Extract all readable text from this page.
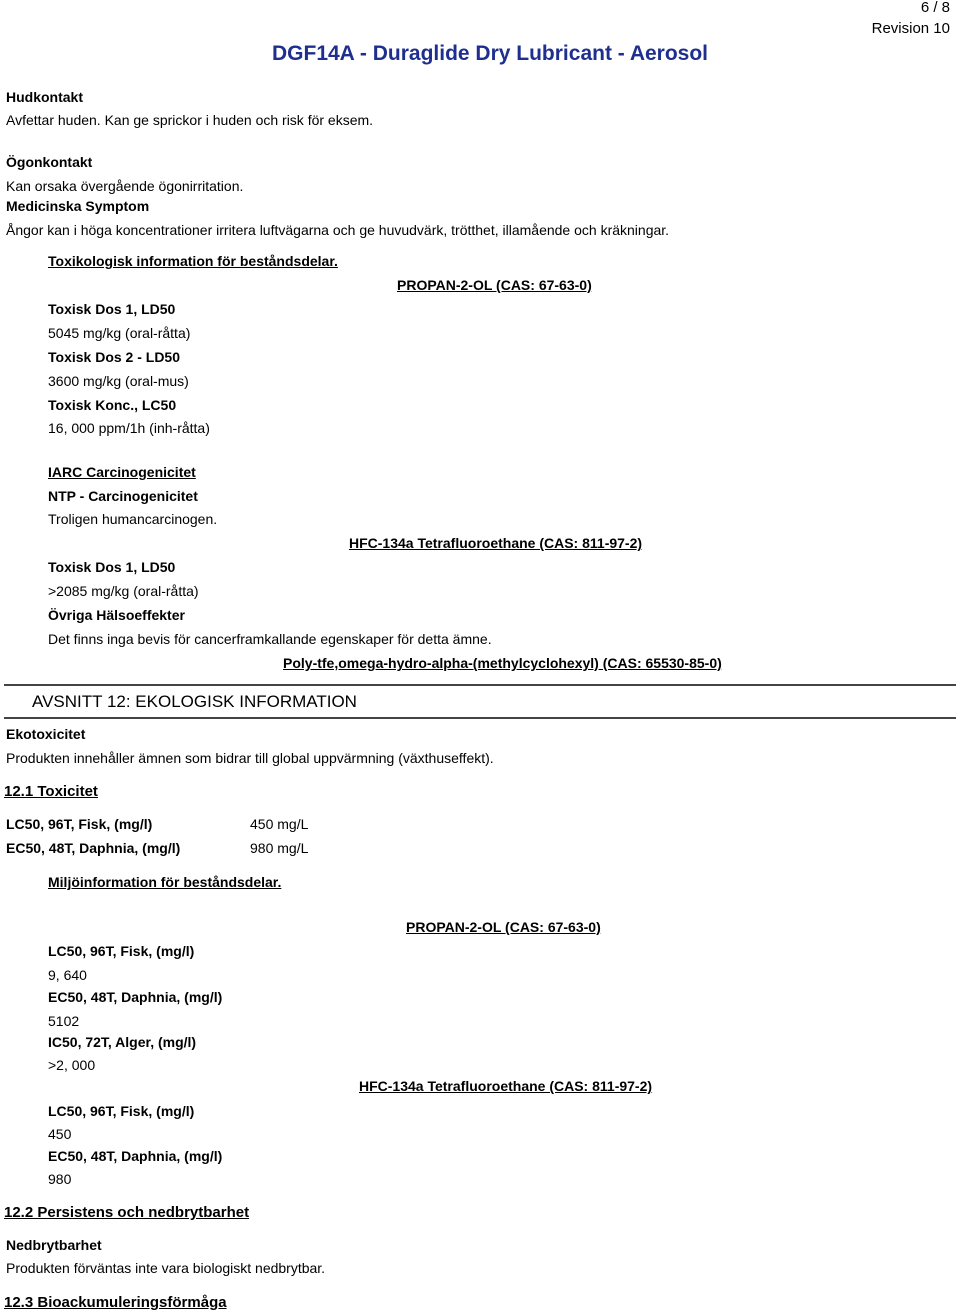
6 / 8
Revision 10
DGF14A - Duraglide Dry Lubricant - Aerosol
Hudkontakt
Avfettar huden. Kan ge sprickor i huden och risk för eksem.
Ögonkontakt
Kan orsaka övergående ögonirritation.
Medicinska Symptom
Ångor kan i höga koncentrationer irritera luftvägarna och ge huvudvärk, trötthet, illamående och kräkningar.
Toxikologisk information för beståndsdelar.
PROPAN-2-OL (CAS: 67-63-0)
Toxisk Dos 1, LD50
5045 mg/kg (oral-råtta)
Toxisk Dos 2 - LD50
3600 mg/kg (oral-mus)
Toxisk Konc., LC50
16, 000 ppm/1h (inh-råtta)
IARC Carcinogenicitet
NTP - Carcinogenicitet
Troligen humancarcinogen.
HFC-134a Tetrafluoroethane (CAS: 811-97-2)
Toxisk Dos 1, LD50
>2085 mg/kg (oral-råtta)
Övriga Hälsoeffekter
Det finns inga bevis för cancerframkallande egenskaper för detta ämne.
Poly-tfe,omega-hydro-alpha-(methylcyclohexyl) (CAS: 65530-85-0)
AVSNITT 12: EKOLOGISK INFORMATION
Ekotoxicitet
Produkten innehåller ämnen som bidrar till global uppvärmning (växthuseffekt).
12.1 Toxicitet
LC50, 96T, Fisk, (mg/l)	450 mg/L
EC50, 48T, Daphnia, (mg/l)	980 mg/L
Miljöinformation för beståndsdelar.
PROPAN-2-OL (CAS: 67-63-0)
LC50, 96T, Fisk, (mg/l)
9, 640
EC50, 48T, Daphnia, (mg/l)
5102
IC50, 72T, Alger, (mg/l)
>2, 000
HFC-134a Tetrafluoroethane (CAS: 811-97-2)
LC50, 96T, Fisk, (mg/l)
450
EC50, 48T, Daphnia, (mg/l)
980
12.2 Persistens och nedbrytbarhet
Nedbrytbarhet
Produkten förväntas inte vara biologiskt nedbrytbar.
12.3 Bioackumuleringsförmåga
